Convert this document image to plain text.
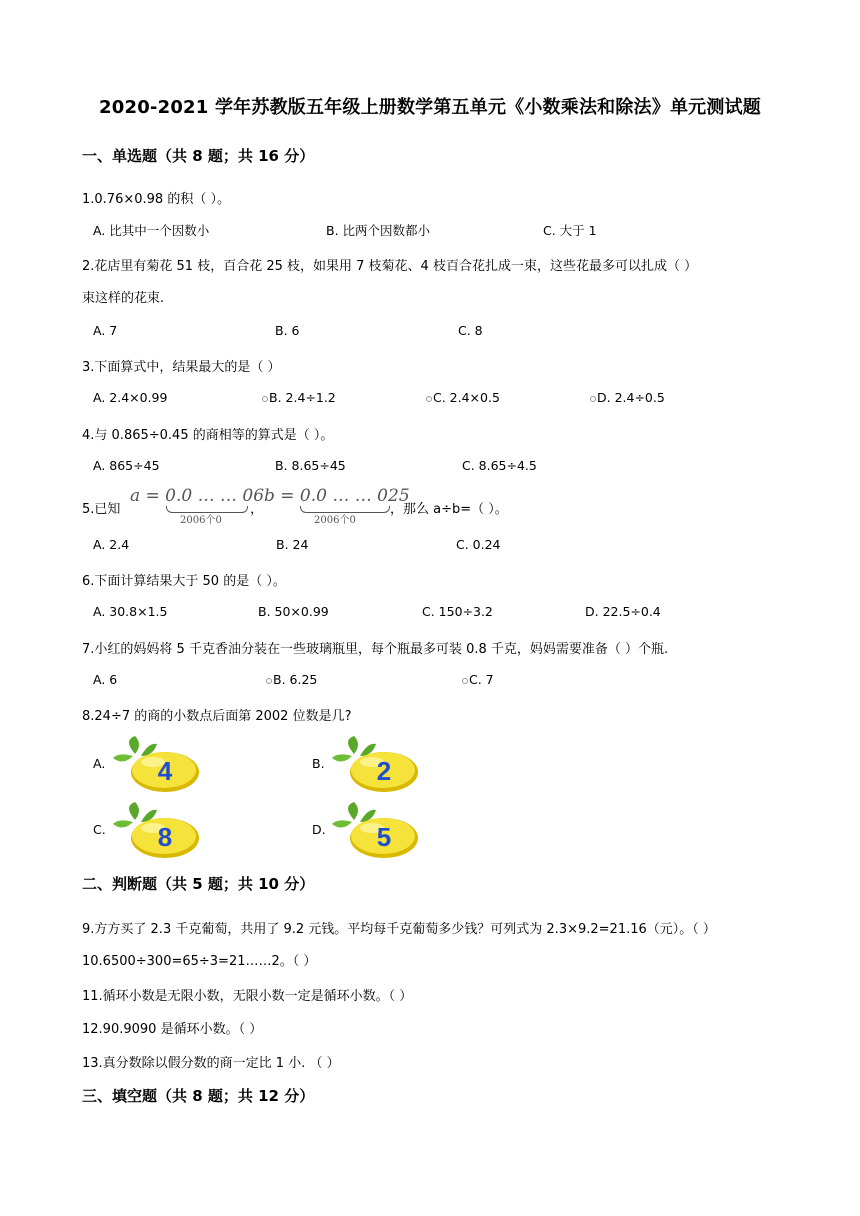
2020-2021 学年苏教版五年级上册数学第五单元《小数乘法和除法》单元测试题
一、单选题（共 8 题；共 16 分）
1.0.76×0.98 的积（ ）。
A. 比其中一个因数小	B. 比两个因数都小	C. 大于 1
2.花店里有菊花 51 枝，百合花 25 枝，如果用 7 枝菊花、4 枝百合花扎成一束，这些花最多可以扎成（ ）
束这样的花束.
A. 7	B. 6	C. 8
3.下面算式中，结果最大的是（ ）
A. 2.4×0.99	B. 2.4÷1.2	C. 2.4×0.5	D. 2.4÷0.5
4.与 0.865÷0.45 的商相等的算式是（ ）。
A. 865÷45	B. 8.65÷45	C. 8.65÷4.5
5.已知
a = 0.0 … … 06
2006个0
，
b = 0.0 … … 025
2006个0
，那么 a÷b=（ ）。
A. 2.4	B. 24	C. 0.24
6.下面计算结果大于 50 的是（ ）。
A. 30.8×1.5	B. 50×0.99	C. 150÷3.2	D. 22.5÷0.4
7.小红的妈妈将 5 千克香油分装在一些玻璃瓶里，每个瓶最多可装 0.8 千克，妈妈需要准备（ ）个瓶.
A. 6	B. 6.25	C. 7
8.24÷7 的商的小数点后面第 2002 位数是几?
A. 4	B. 2
C. 8	D. 5
二、判断题（共 5 题；共 10 分）
9.方方买了 2.3 千克葡萄，共用了 9.2 元钱。平均每千克葡萄多少钱？可列式为 2.3×9.2=21.16（元）。（ ）
10.6500÷300=65÷3=21……2。（ ）
11.循环小数是无限小数，无限小数一定是循环小数。（ ）
12.90.9090 是循环小数。（ ）
13.真分数除以假分数的商一定比 1 小. （ ）
三、填空题（共 8 题；共 12 分）
